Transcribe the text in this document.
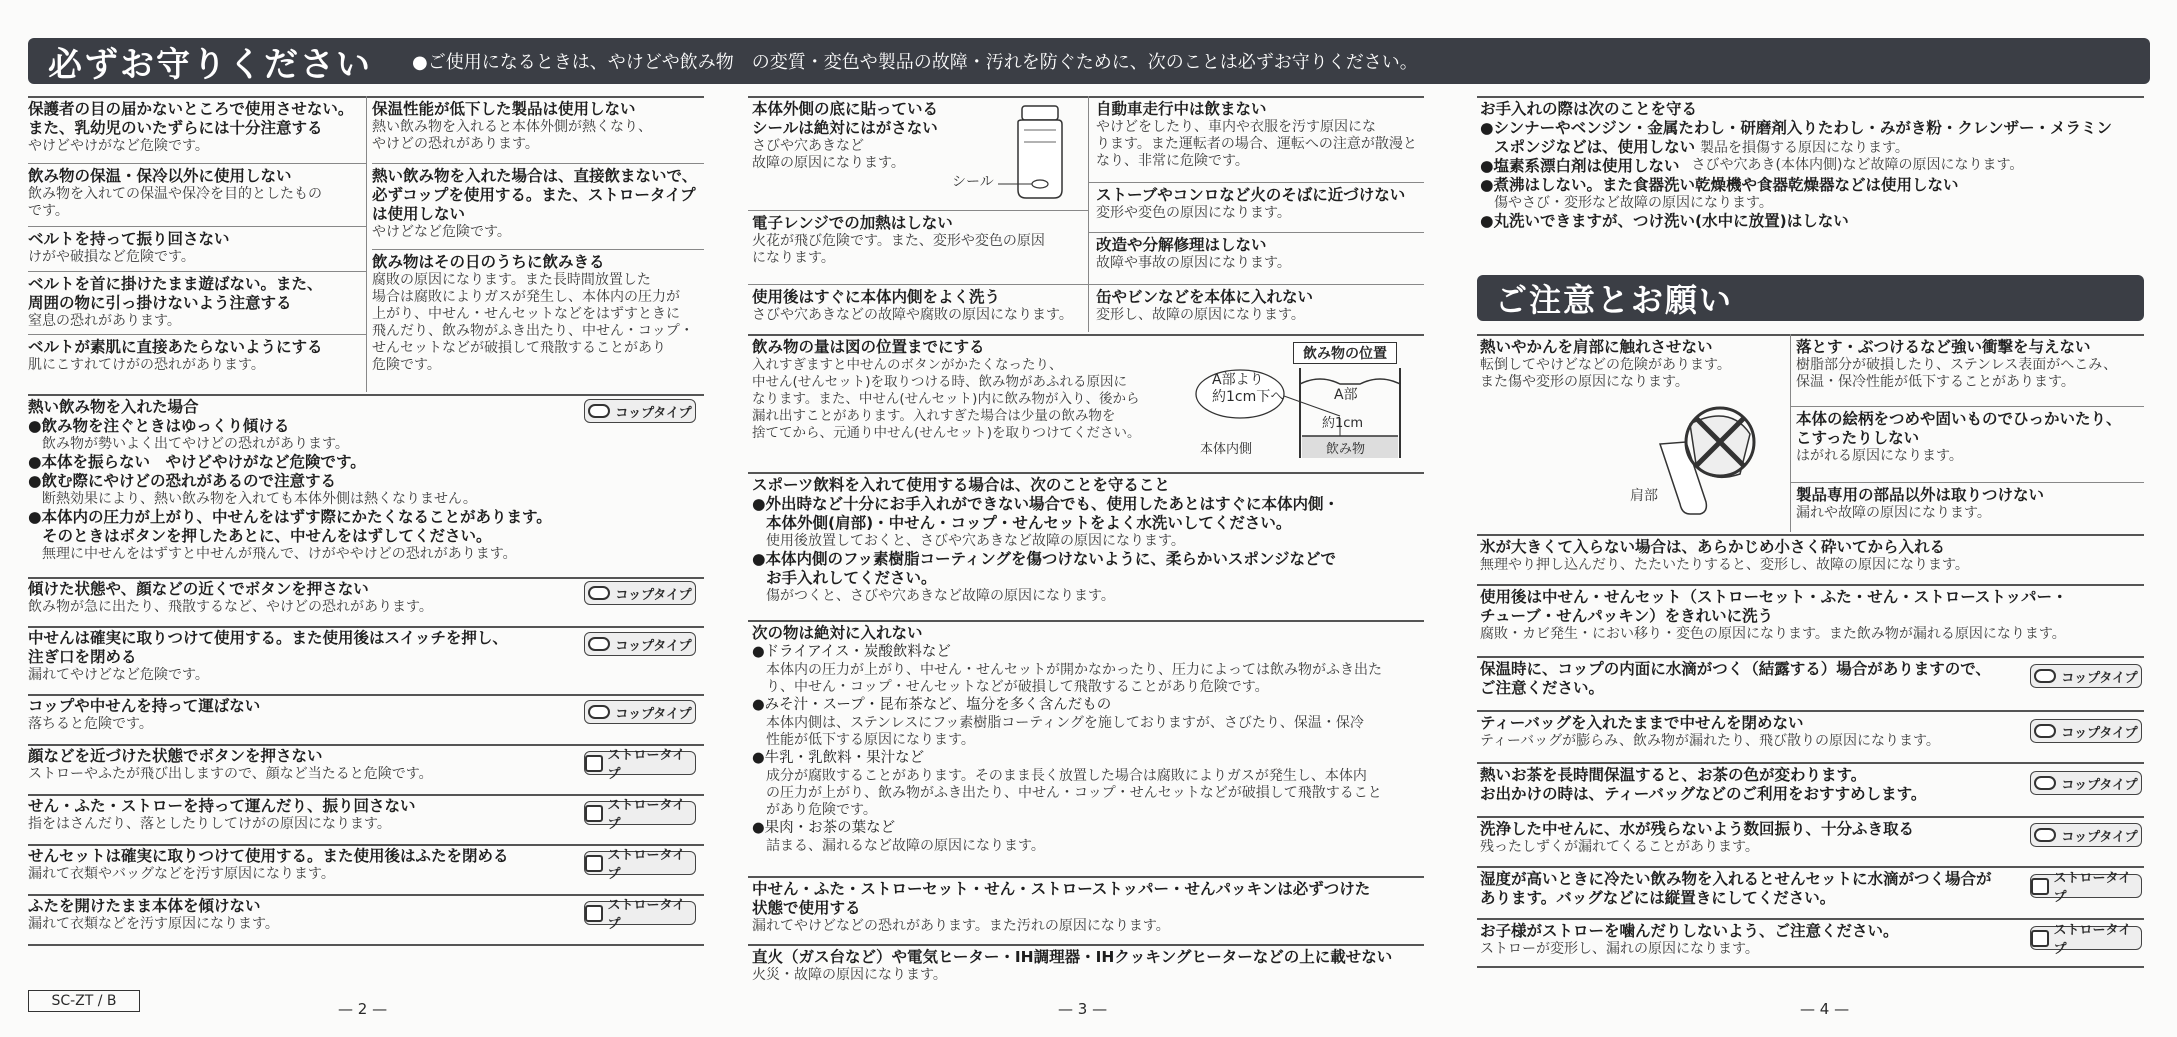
必ずお守りください	●ご使用になるときは、やけどや飲み物　の変質・変色や製品の故障・汚れを防ぐために、次のことは必ずお守りください。
保護者の目の届かないところで使用させない。
また、乳幼児のいたずらには十分注意する
やけどやけがなど危険です。
飲み物の保温・保冷以外に使用しない
飲み物を入れての保温や保冷を目的としたもの
です。
ベルトを持って振り回さない
けがや破損など危険です。
ベルトを首に掛けたまま遊ばない。また、
周囲の物に引っ掛けないよう注意する
窒息の恐れがあります。
ベルトが素肌に直接あたらないようにする
肌にこすれてけがの恐れがあります。
保温性能が低下した製品は使用しない
熱い飲み物を入れると本体外側が熱くなり、
やけどの恐れがあります。
熱い飲み物を入れた場合は、直接飲まないで、
必ずコップを使用する。また、ストロータイプ
は使用しない
やけどなど危険です。
飲み物はその日のうちに飲みきる
腐敗の原因になります。また長時間放置した
場合は腐敗によりガスが発生し、本体内の圧力が
上がり、中せん・せんセットなどをはずすときに
飛んだり、飲み物がふき出たり、中せん・コップ・
せんセットなどが破損して飛散することがあり
危険です。
熱い飲み物を入れた場合
●飲み物を注ぐときはゆっくり傾ける
飲み物が勢いよく出てやけどの恐れがあります。
●本体を振らない　やけどやけがなど危険です。
●飲む際にやけどの恐れがあるので注意する
断熱効果により、熱い飲み物を入れても本体外側は熱くなりません。
●本体内の圧力が上がり、中せんをはずす際にかたくなることがあります。
そのときはボタンを押したあとに、中せんをはずしてください。
無理に中せんをはずすと中せんが飛んで、けがややけどの恐れがあります。
コップタイプ
傾けた状態や、顔などの近くでボタンを押さない
飲み物が急に出たり、飛散するなど、やけどの恐れがあります。
コップタイプ
中せんは確実に取りつけて使用する。また使用後はスイッチを押し、
注ぎ口を閉める
漏れてやけどなど危険です。
コップタイプ
コップや中せんを持って運ばない
落ちると危険です。
コップタイプ
顔などを近づけた状態でボタンを押さない
ストローやふたが飛び出しますので、顔など当たると危険です。
ストロータイプ
せん・ふた・ストローを持って運んだり、振り回さない
指をはさんだり、落としたりしてけがの原因になります。
ストロータイプ
せんセットは確実に取りつけて使用する。また使用後はふたを閉める
漏れて衣類やバッグなどを汚す原因になります。
ストロータイプ
ふたを開けたまま本体を傾けない
漏れて衣類などを汚す原因になります。
ストロータイプ
SC-ZT / B	— 2 —
本体外側の底に貼っている
シールは絶対にはがさない
さびや穴あきなど
故障の原因になります。
シール
電子レンジでの加熱はしない
火花が飛び危険です。また、変形や変色の原因
になります。
使用後はすぐに本体内側をよく洗う
さびや穴あきなどの故障や腐敗の原因になります。
自動車走行中は飲まない
やけどをしたり、車内や衣服を汚す原因にな
ります。また運転者の場合、運転への注意が散漫と
なり、非常に危険です。
ストーブやコンロなど火のそばに近づけない
変形や変色の原因になります。
改造や分解修理はしない
故障や事故の原因になります。
缶やビンなどを本体に入れない
変形し、故障の原因になります。
飲み物の量は図の位置までにする
入れすぎますと中せんのボタンがかたくなったり、
中せん(せんセット)を取りつける時、飲み物があふれる原因に
なります。また、中せん(せんセット)内に飲み物が入り、後から
漏れ出すことがあります。入れすぎた場合は少量の飲み物を
捨ててから、元通り中せん(せんセット)を取りつけてください。
飲み物の位置
A部より
約1cm下へ	A部
約1cm
本体内側	飲み物
スポーツ飲料を入れて使用する場合は、次のことを守ること
●外出時など十分にお手入れができない場合でも、使用したあとはすぐに本体内側・
本体外側(肩部)・中せん・コップ・せんセットをよく水洗いしてください。
使用後放置しておくと、さびや穴あきなど故障の原因になります。
●本体内側のフッ素樹脂コーティングを傷つけないように、柔らかいスポンジなどで
お手入れしてください。
傷がつくと、さびや穴あきなど故障の原因になります。
次の物は絶対に入れない
●ドライアイス・炭酸飲料など
本体内の圧力が上がり、中せん・せんセットが開かなかったり、圧力によっては飲み物がふき出た
り、中せん・コップ・せんセットなどが破損して飛散することがあり危険です。
●みそ汁・スープ・昆布茶など、塩分を多く含んだもの
本体内側は、ステンレスにフッ素樹脂コーティングを施しておりますが、さびたり、保温・保冷
性能が低下する原因になります。
●牛乳・乳飲料・果汁など
成分が腐敗することがあります。そのまま長く放置した場合は腐敗によりガスが発生し、本体内
の圧力が上がり、飲み物がふき出たり、中せん・コップ・せんセットなどが破損して飛散すること
があり危険です。
●果肉・お茶の葉など
詰まる、漏れるなど故障の原因になります。
中せん・ふた・ストローセット・せん・ストローストッパー・せんパッキンは必ずつけた
状態で使用する
漏れてやけどなどの恐れがあります。また汚れの原因になります。
直火（ガス台など）や電気ヒーター・IH調理器・IHクッキングヒーターなどの上に載せない
火災・故障の原因になります。
— 3 —
お手入れの際は次のことを守る
●シンナーやベンジン・金属たわし・研磨剤入りたわし・みがき粉・クレンザー・メラミン
スポンジなどは、使用しない 製品を損傷する原因になります。
●塩素系漂白剤は使用しない さびや穴あき(本体内側)など故障の原因になります。
●煮沸はしない。また食器洗い乾燥機や食器乾燥器などは使用しない
傷やさび・変形など故障の原因になります。
●丸洗いできますが、つけ洗い(水中に放置)はしない
ご注意とお願い
熱いやかんを肩部に触れさせない
転倒してやけどなどの危険があります。
また傷や変形の原因になります。
肩部
落とす・ぶつけるなど強い衝撃を与えない
樹脂部分が破損したり、ステンレス表面がへこみ、
保温・保冷性能が低下することがあります。
本体の絵柄をつめや固いものでひっかいたり、
こすったりしない
はがれる原因になります。
製品専用の部品以外は取りつけない
漏れや故障の原因になります。
氷が大きくて入らない場合は、あらかじめ小さく砕いてから入れる
無理やり押し込んだり、たたいたりすると、変形し、故障の原因になります。
使用後は中せん・せんセット（ストローセット・ふた・せん・ストローストッパー・
チューブ・せんパッキン）をきれいに洗う
腐敗・カビ発生・におい移り・変色の原因になります。また飲み物が漏れる原因になります。
保温時に、コップの内面に水滴がつく（結露する）場合がありますので、
ご注意ください。
コップタイプ
ティーバッグを入れたままで中せんを閉めない
ティーバッグが膨らみ、飲み物が漏れたり、飛び散りの原因になります。	コップタイプ
熱いお茶を長時間保温すると、お茶の色が変わります。
お出かけの時は、ティーバッグなどのご利用をおすすめします。	コップタイプ
洗浄した中せんに、水が残らないよう数回振り、十分ふき取る
残ったしずくが漏れてくることがあります。
コップタイプ
湿度が高いときに冷たい飲み物を入れるとせんセットに水滴がつく場合が
あります。バッグなどには縦置きにしてください。
ストロータイプ
お子様がストローを噛んだりしないよう、ご注意ください。
ストローが変形し、漏れの原因になります。
ストロータイプ
— 4 —
